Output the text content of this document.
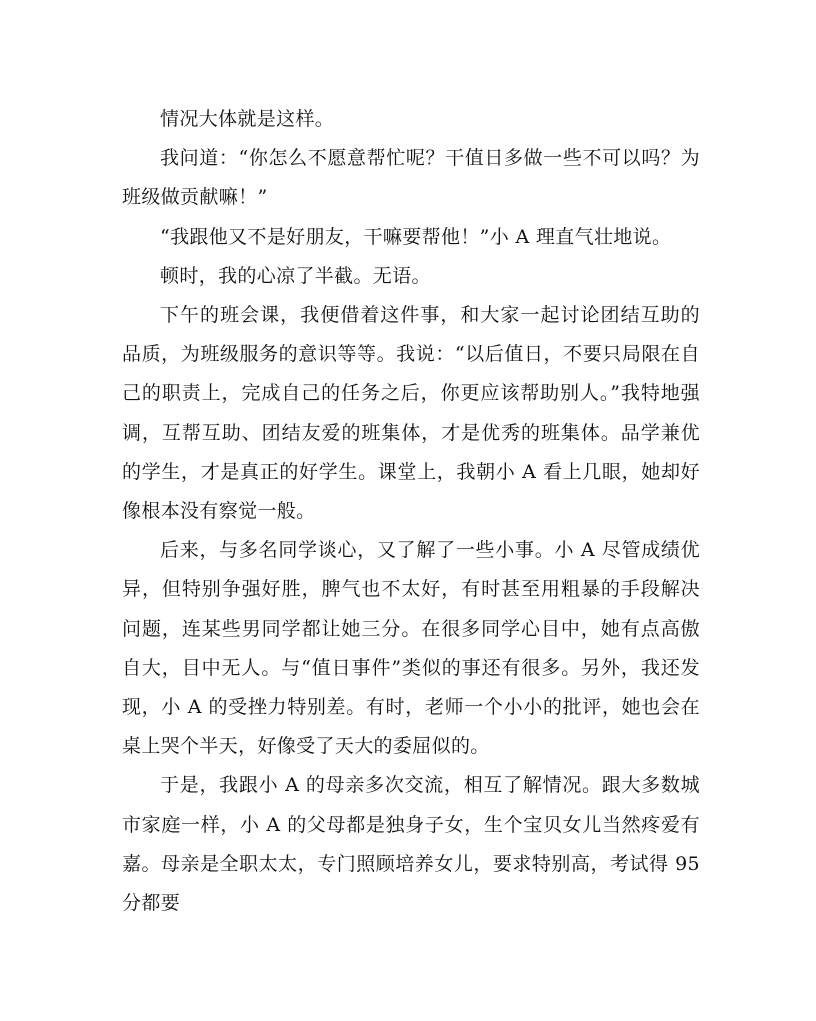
情况大体就是这样。

我问道：“你怎么不愿意帮忙呢？干值日多做一些不可以吗？为班级做贡献嘛！”

“我跟他又不是好朋友，干嘛要帮他！”小 A 理直气壮地说。

顿时，我的心凉了半截。无语。

下午的班会课，我便借着这件事，和大家一起讨论团结互助的品质，为班级服务的意识等等。我说：“以后值日，不要只局限在自己的职责上，完成自己的任务之后，你更应该帮助别人。”我特地强调，互帮互助、团结友爱的班集体，才是优秀的班集体。品学兼优的学生，才是真正的好学生。课堂上，我朝小 A 看上几眼，她却好像根本没有察觉一般。

后来，与多名同学谈心，又了解了一些小事。小 A 尽管成绩优异，但特别争强好胜，脾气也不太好，有时甚至用粗暴的手段解决问题，连某些男同学都让她三分。在很多同学心目中，她有点高傲自大，目中无人。与“值日事件”类似的事还有很多。另外，我还发现，小 A 的受挫力特别差。有时，老师一个小小的批评，她也会在桌上哭个半天，好像受了天大的委屈似的。

于是，我跟小 A 的母亲多次交流，相互了解情况。跟大多数城市家庭一样，小 A 的父母都是独身子女，生个宝贝女儿当然疼爱有嘉。母亲是全职太太，专门照顾培养女儿，要求特别高，考试得 95 分都要
